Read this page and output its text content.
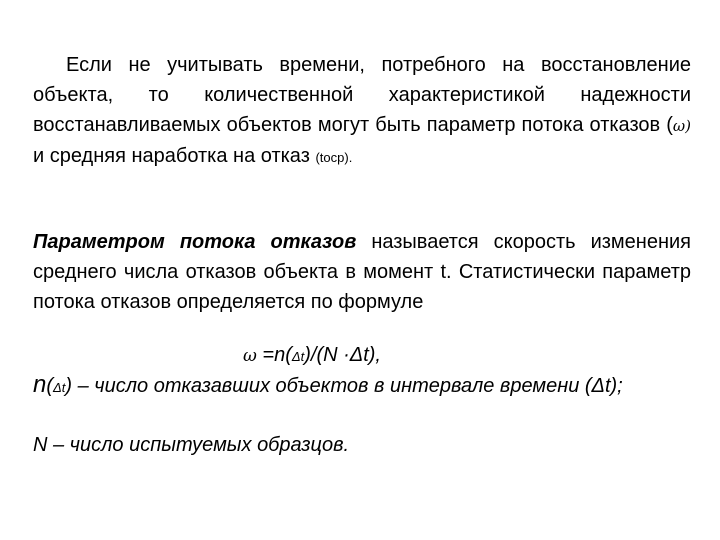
Если не учитывать времени, потребного на восстановление объекта, то количественной характеристикой надежности восстанавливаемых объектов могут быть параметр потока отказов (ω) и средняя наработка на отказ (tocp).

Параметром потока отказов называется скорость изменения среднего числа отказов объекта в момент t. Статистически параметр потока отказов определяется по формуле

ω =n(Δt)/(N ·Δt),

n(Δt) – число отказавших объектов в интервале времени (Δt);

N – число испытуемых образцов.
